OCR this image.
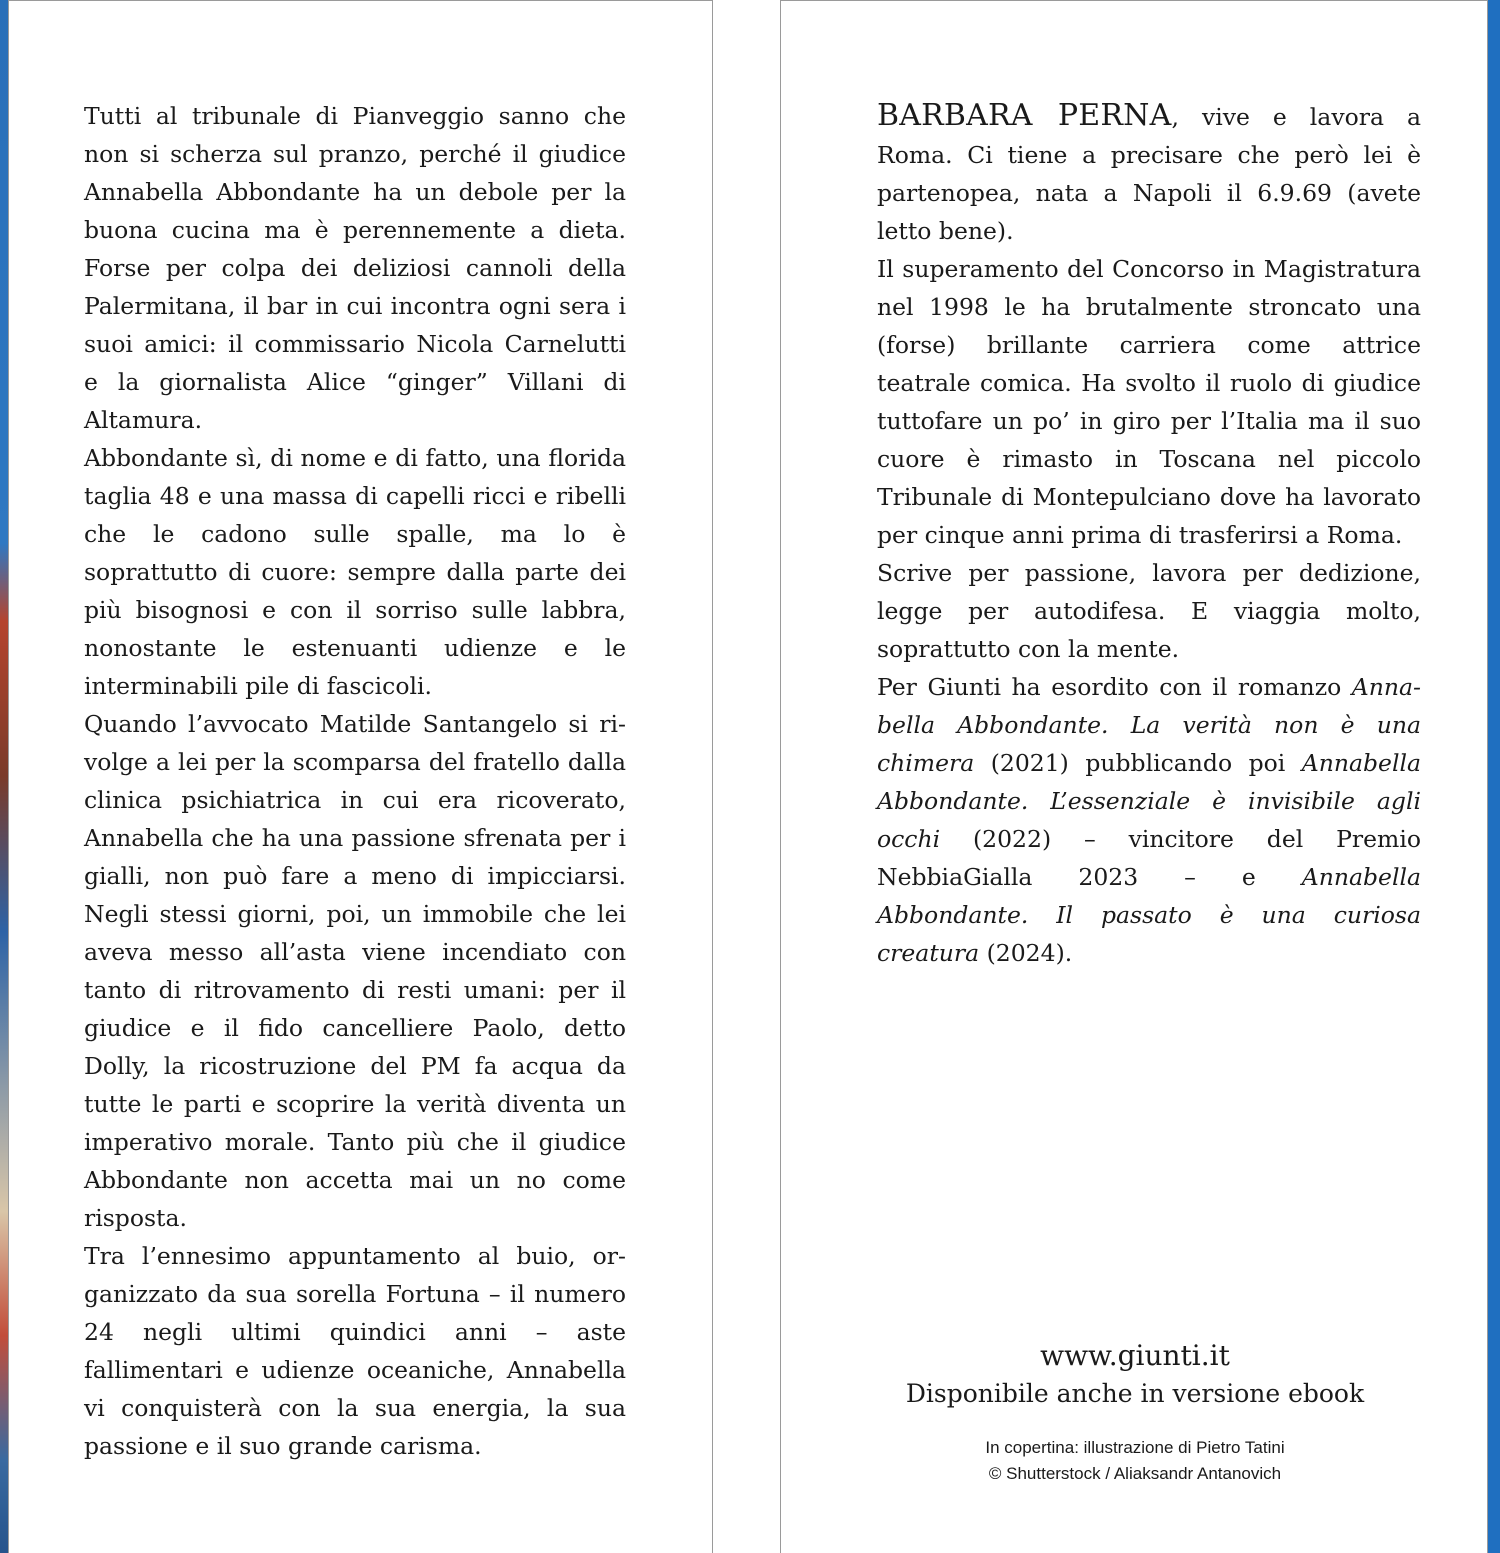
Tutti al tribunale di Pianveggio sanno che non si scherza sul pranzo, perché il giudice Annabella Abbondante ha un debole per la buona cucina ma è perennemente a dieta. Forse per colpa dei deliziosi cannoli della Palermitana, il bar in cui incontra ogni sera i suoi amici: il commissario Nicola Carnelutti e la giornalista Alice “ginger” Villani di Altamura.

Abbondante sì, di nome e di fatto, una florida taglia 48 e una massa di capelli ricci e ribelli che le cadono sulle spalle, ma lo è soprattutto di cuore: sempre dalla parte dei più bisognosi e con il sorriso sulle labbra, nonostante le estenuanti udienze e le interminabili pile di fascicoli.

Quando l’avvocato Matilde Santangelo si rivolge a lei per la scomparsa del fratello dalla clinica psichiatrica in cui era ricoverato, Annabella che ha una passione sfrenata per i gialli, non può fare a meno di impicciarsi. Negli stessi giorni, poi, un immobile che lei aveva messo all’asta viene incendiato con tanto di ritrovamento di resti umani: per il giudice e il fido cancelliere Paolo, detto Dolly, la ricostruzione del PM fa acqua da tutte le parti e scoprire la verità diventa un imperativo morale. Tanto più che il giudice Abbondante non accetta mai un no come risposta.

Tra l’ennesimo appuntamento al buio, organizzato da sua sorella Fortuna – il numero 24 negli ultimi quindici anni – aste fallimentari e udienze oceaniche, Annabella vi conquisterà con la sua energia, la sua passione e il suo grande carisma.

BARBARA PERNA, vive e lavora a Roma. Ci tiene a precisare che però lei è partenopea, nata a Napoli il 6.9.69 (avete letto bene).

Il superamento del Concorso in Magistratura nel 1998 le ha brutalmente stroncato una (forse) brillante carriera come attrice teatrale comica. Ha svolto il ruolo di giudice tuttofare un po’ in giro per l’Italia ma il suo cuore è rimasto in Toscana nel piccolo Tribunale di Montepulciano dove ha lavorato per cinque anni prima di trasferirsi a Roma.

Scrive per passione, lavora per dedizione, legge per autodifesa. E viaggia molto, soprattutto con la mente.

Per Giunti ha esordito con il romanzo Annabella Abbondante. La verità non è una chimera (2021) pubblicando poi Annabella Abbondante. L’essenziale è invisibile agli occhi (2022) – vincitore del Premio NebbiaGialla 2023 – e Annabella Abbondante. Il passato è una curiosa creatura (2024).

www.giunti.it
Disponibile anche in versione ebook
In copertina: illustrazione di Pietro Tatini
© Shutterstock / Aliaksandr Antanovich
